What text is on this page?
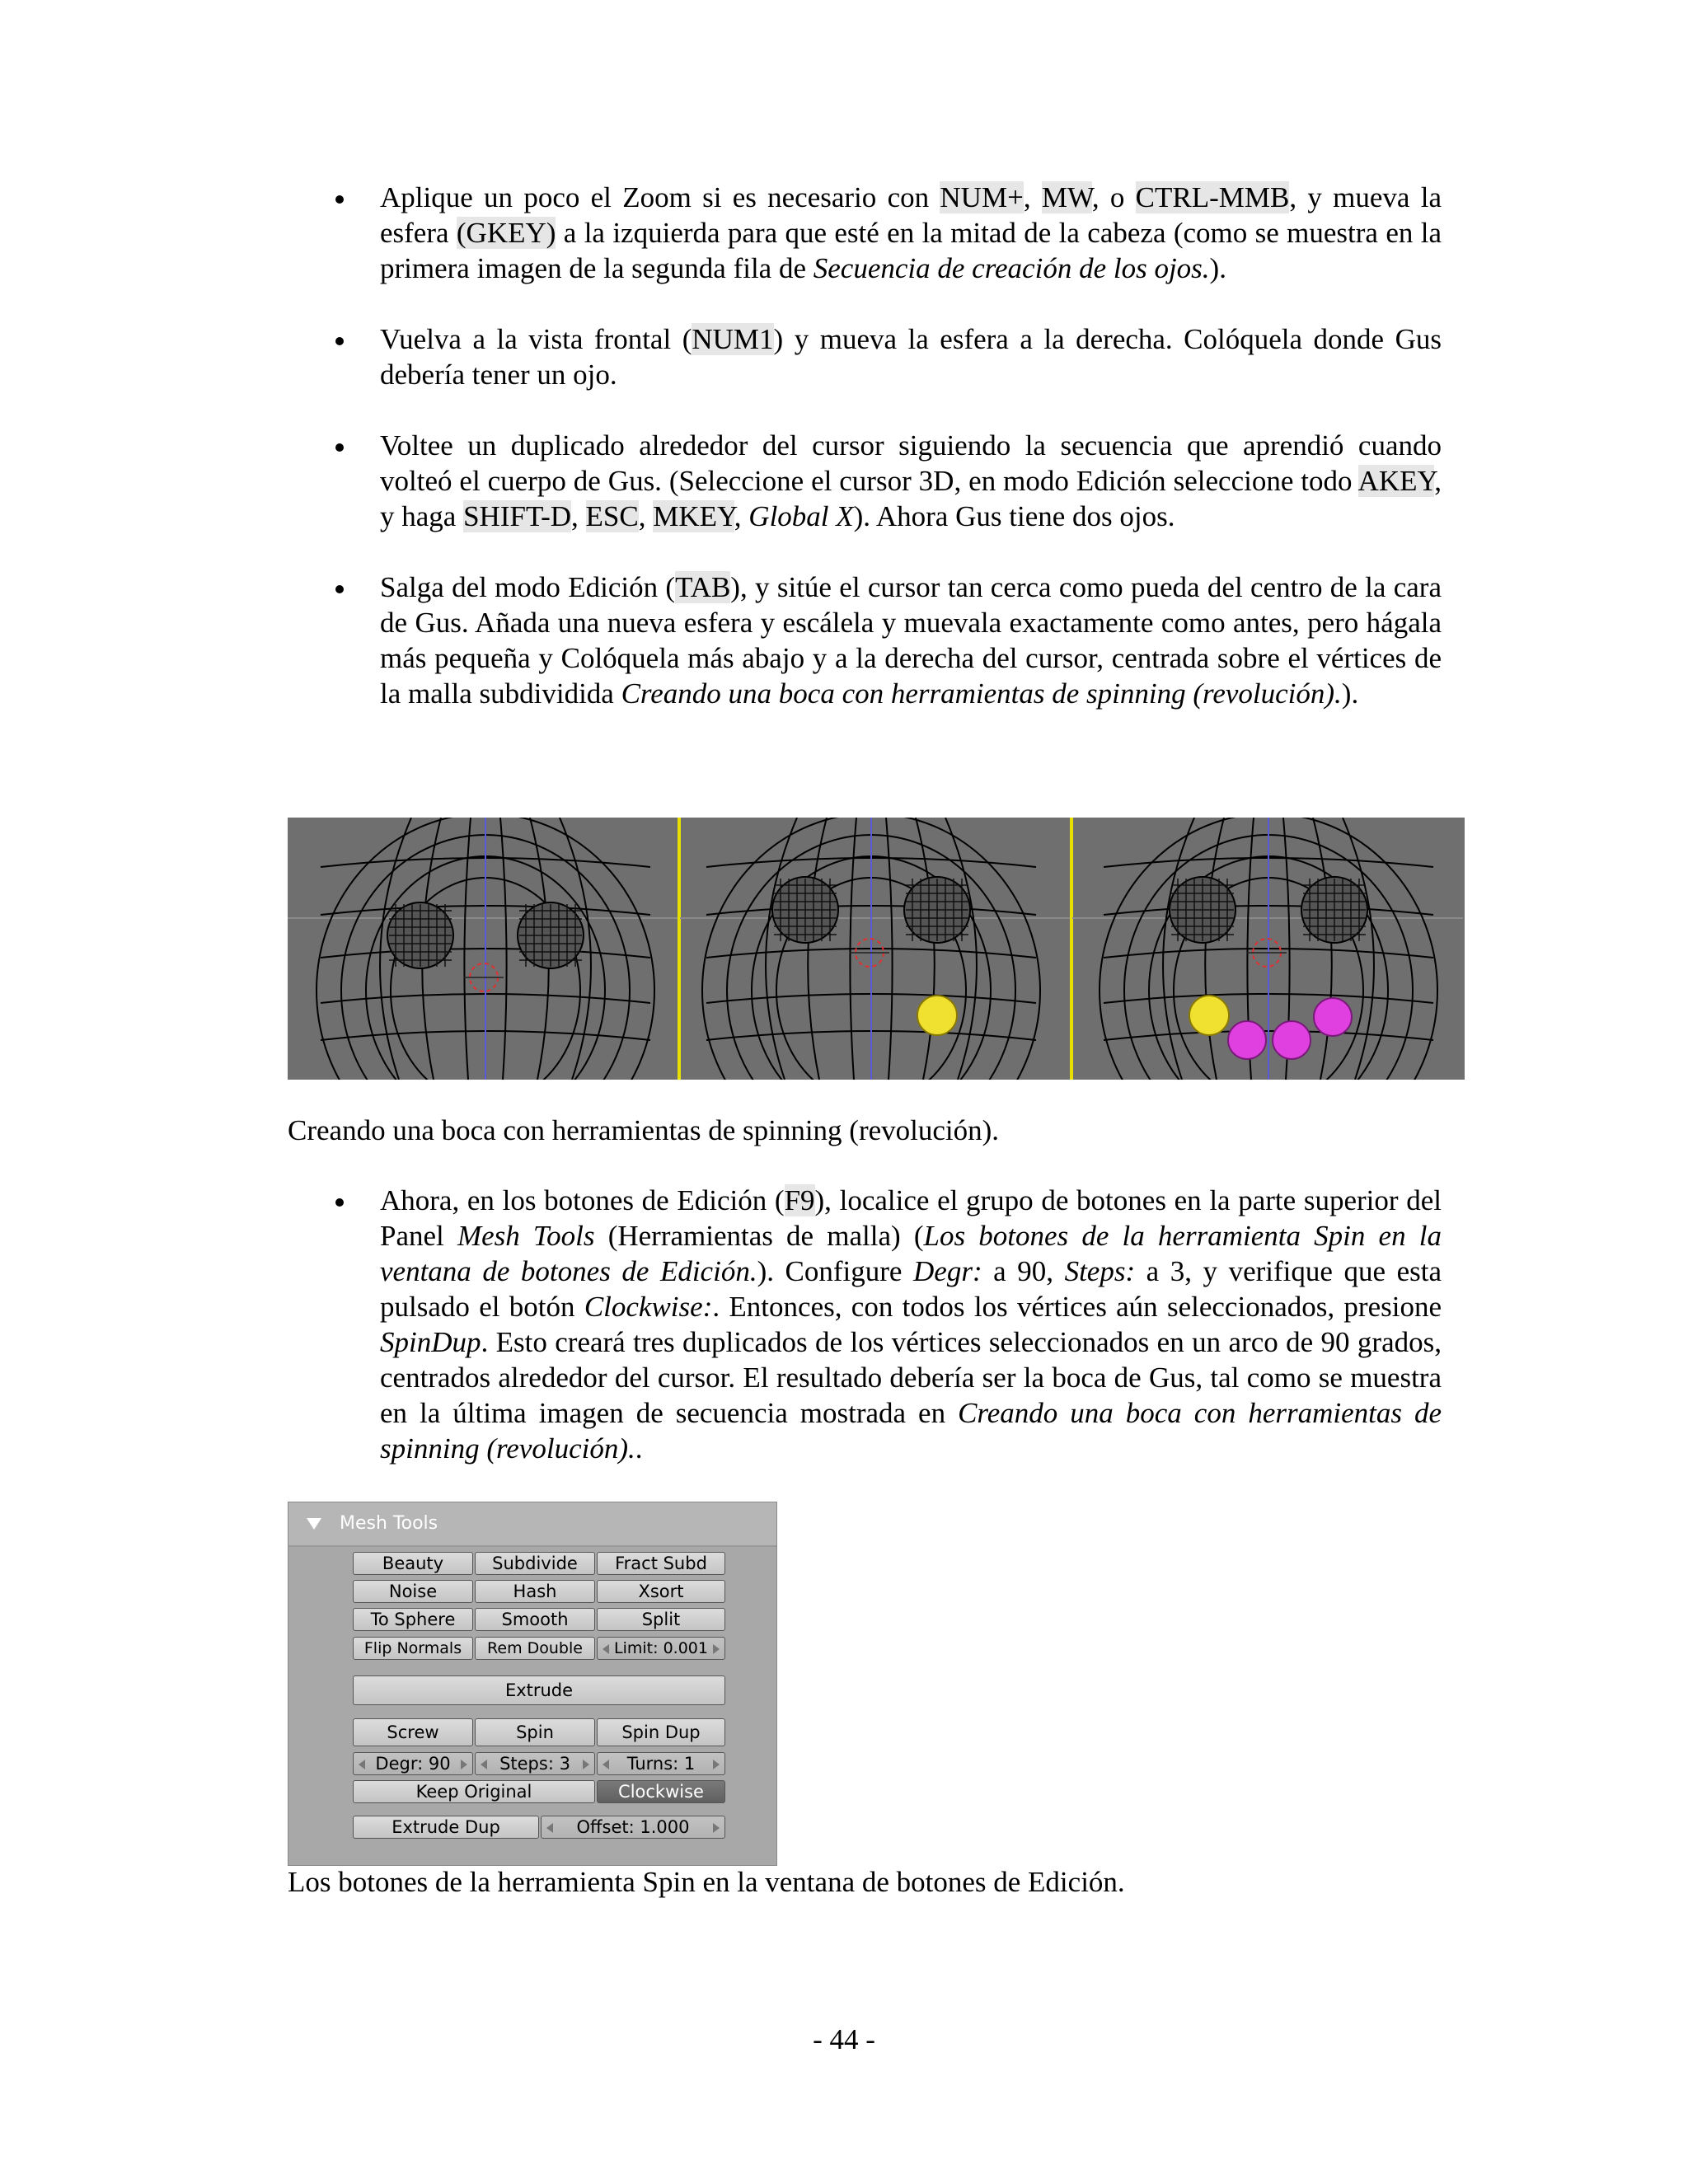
Aplique un poco el Zoom si es necesario con NUM+, MW, o CTRL-MMB, y mueva la esfera (GKEY) a la izquierda para que esté en la mitad de la cabeza (como se muestra en la primera imagen de la segunda fila de Secuencia de creación de los ojos.).

Vuelva a la vista frontal (NUM1) y mueva la esfera a la derecha. Colóquela donde Gus debería tener un ojo.

Voltee un duplicado alrededor del cursor siguiendo la secuencia que aprendió cuando volteó el cuerpo de Gus. (Seleccione el cursor 3D, en modo Edición seleccione todo AKEY, y haga SHIFT-D, ESC, MKEY, Global X). Ahora Gus tiene dos ojos.

Salga del modo Edición (TAB), y sitúe el cursor tan cerca como pueda del centro de la cara de Gus. Añada una nueva esfera y escálela y muevala exactamente como antes, pero hágala más pequeña y Colóquela más abajo y a la derecha del cursor, centrada sobre el vértices de la malla subdividida Creando una boca con herramientas de spinning (revolución).).

Creando una boca con herramientas de spinning (revolución).

Ahora, en los botones de Edición (F9), localice el grupo de botones en la parte superior del Panel Mesh Tools (Herramientas de malla) (Los botones de la herramienta Spin en la ventana de botones de Edición.). Configure Degr: a 90, Steps: a 3, y verifique que esta pulsado el botón Clockwise:. Entonces, con todos los vértices aún seleccionados, presione SpinDup. Esto creará tres duplicados de los vértices seleccionados en un arco de 90 grados, centrados alrededor del cursor. El resultado debería ser la boca de Gus, tal como se muestra en la última imagen de secuencia mostrada en Creando una boca con herramientas de spinning (revolución)..

Mesh Tools
Beauty	Subdivide	Fract Subd
Noise	Hash	Xsort
To Sphere	Smooth	Split
Flip Normals	Rem Double	Limit: 0.001
Extrude
Screw	Spin	Spin Dup
Degr: 90	Steps: 3	Turns: 1
Keep Original	Clockwise
Extrude Dup	Offset: 1.000
Los botones de la herramienta Spin en la ventana de botones de Edición.
- 44 -
